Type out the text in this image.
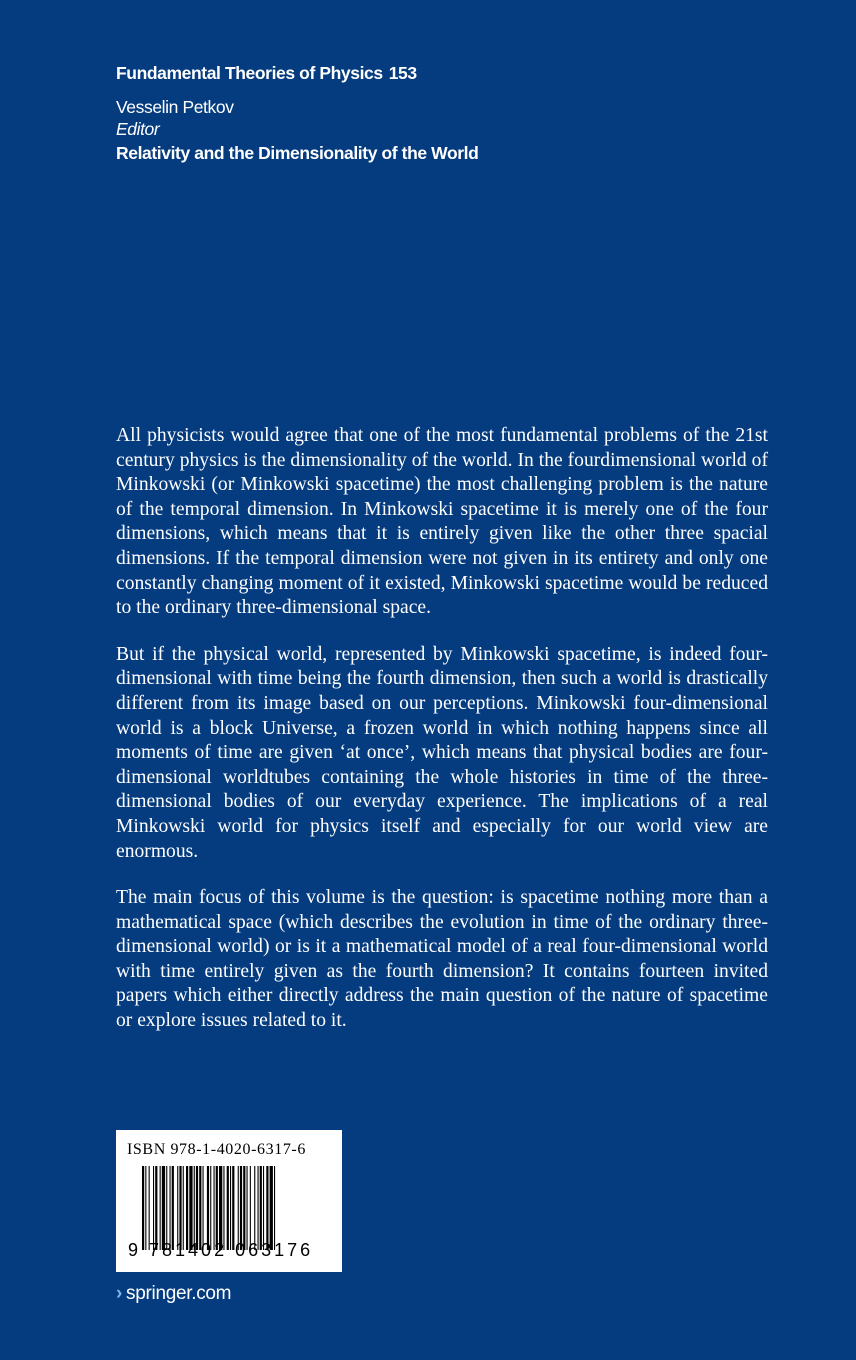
Fundamental Theories of Physics 153
Vesselin Petkov
Editor
Relativity and the Dimensionality of the World

All physicists would agree that one of the most fundamental problems of the 21st century physics is the dimensionality of the world. In the fourdimensional world of Minkowski (or Minkowski spacetime) the most challenging problem is the nature of the temporal dimension. In Minkowski spacetime it is merely one of the four dimensions, which means that it is entirely given like the other three spacial dimensions. If the temporal dimension were not given in its entirety and only one constantly changing moment of it existed, Minkowski spacetime would be reduced to the ordinary three-dimensional space.

But if the physical world, represented by Minkowski spacetime, is indeed four-dimensional with time being the fourth dimension, then such a world is drastically different from its image based on our perceptions. Minkowski four-dimensional world is a block Universe, a frozen world in which nothing happens since all moments of time are given ‘at once’, which means that physical bodies are four-dimensional worldtubes containing the whole histories in time of the three-dimensional bodies of our everyday experience. The implications of a real Minkowski world for physics itself and especially for our world view are enormous.

The main focus of this volume is the question: is spacetime nothing more than a mathematical space (which describes the evolution in time of the ordinary three-dimensional world) or is it a mathematical model of a real four-dimensional world with time entirely given as the fourth dimension? It contains fourteen invited papers which either directly address the main question of the nature of spacetime or explore issues related to it.

ISBN 978-1-4020-6317-6
9 781402 063176
› springer.com
